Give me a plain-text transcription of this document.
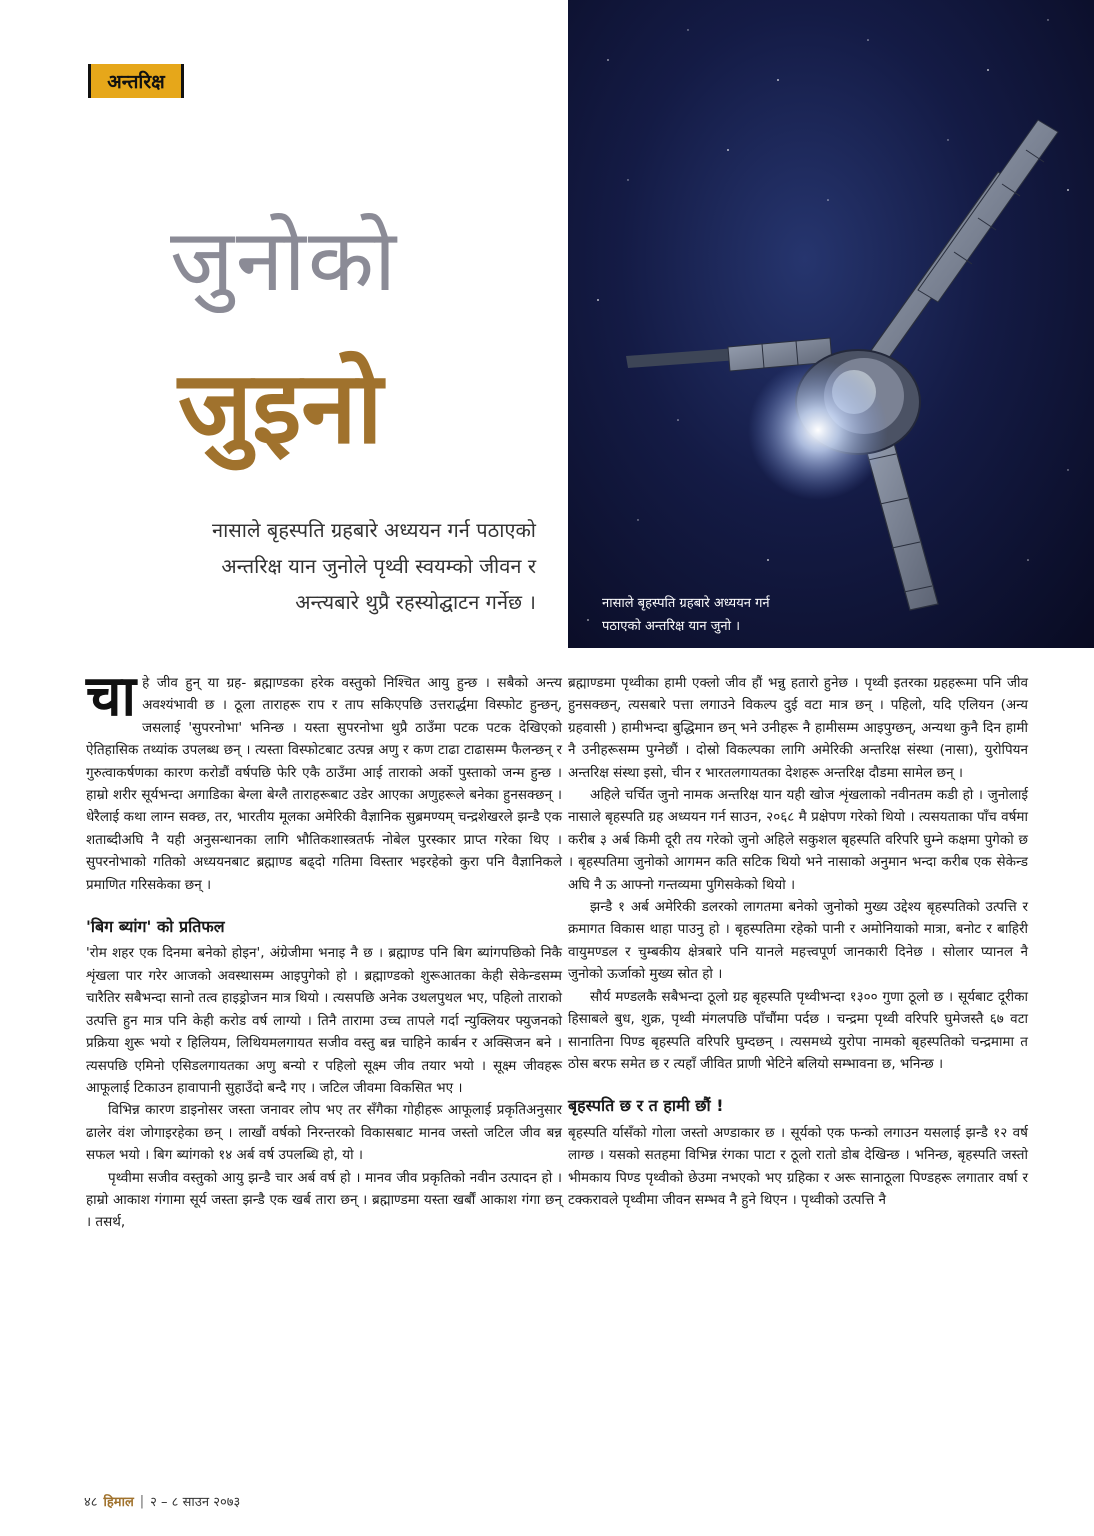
अन्तरिक्ष
जुनोको
जुइनो
नासाले बृहस्पति ग्रहबारे अध्ययन गर्न पठाएको
अन्तरिक्ष यान जुनोले पृथ्वी स्वयम्को जीवन र
अन्त्यबारे थुप्रै रहस्योद्घाटन गर्नेछ ।	नासाले बृहस्पति ग्रहबारे अध्ययन गर्न
पठाएको अन्तरिक्ष यान जुनो ।

चाहे जीव हुन् या ग्रह- ब्रह्माण्डका हरेक वस्तुको निश्चित आयु हुन्छ । सबैको अन्त्य अवश्यंभावी छ । ठूला ताराहरू राप र ताप सकिएपछि उत्तरार्द्धमा विस्फोट हुन्छन्, जसलाई 'सुपरनोभा' भनिन्छ । यस्ता सुपरनोभा थुप्रै ठाउँमा पटक पटक देखिएको ऐतिहासिक तथ्यांक उपलब्ध छन् । त्यस्ता विस्फोटबाट उत्पन्न अणु र कण टाढा टाढासम्म फैलन्छन् र गुरुत्वाकर्षणका कारण करोडौं वर्षपछि फेरि एकै ठाउँमा आई ताराको अर्को पुस्ताको जन्म हुन्छ । हाम्रो शरीर सूर्यभन्दा अगाडिका बेग्ला बेग्लै ताराहरूबाट उडेर आएका अणुहरूले बनेका हुनसक्छन् । धेरैलाई कथा लाग्न सक्छ, तर, भारतीय मूलका अमेरिकी वैज्ञानिक सुब्रमण्यम् चन्द्रशेखरले झन्डै एक शताब्दीअघि नै यही अनुसन्धानका लागि भौतिकशास्त्रतर्फ नोबेल पुरस्कार प्राप्त गरेका थिए । सुपरनोभाको गतिको अध्ययनबाट ब्रह्माण्ड बढ्दो गतिमा विस्तार भइरहेको कुरा पनि वैज्ञानिकले प्रमाणित गरिसकेका छन् ।

'बिग ब्यांग' को प्रतिफल

'रोम शहर एक दिनमा बनेको होइन', अंग्रेजीमा भनाइ नै छ । ब्रह्माण्ड पनि बिग ब्यांगपछिको निकै शृंखला पार गरेर आजको अवस्थासम्म आइपुगेको हो । ब्रह्माण्डको शुरूआतका केही सेकेन्डसम्म चारैतिर सबैभन्दा सानो तत्व हाइड्रोजन मात्र थियो । त्यसपछि अनेक उथलपुथल भए, पहिलो ताराको उत्पत्ति हुन मात्र पनि केही करोड वर्ष लाग्यो । तिनै तारामा उच्च तापले गर्दा न्युक्लियर फ्युजनको प्रक्रिया शुरू भयो र हिलियम, लिथियमलगायत सजीव वस्तु बन्न चाहिने कार्बन र अक्सिजन बने । त्यसपछि एमिनो एसिडलगायतका अणु बन्यो र पहिलो सूक्ष्म जीव तयार भयो । सूक्ष्म जीवहरू आफूलाई टिकाउन हावापानी सुहाउँदो बन्दै गए । जटिल जीवमा विकसित भए ।

विभिन्न कारण डाइनोसर जस्ता जनावर लोप भए तर सँगैका गोहीहरू आफूलाई प्रकृतिअनुसार ढालेर वंश जोगाइरहेका छन् । लाखौं वर्षको निरन्तरको विकासबाट मानव जस्तो जटिल जीव बन्न सफल भयो । बिग ब्यांगको १४ अर्ब वर्ष उपलब्धि हो, यो ।

पृथ्वीमा सजीव वस्तुको आयु झन्डै चार अर्ब वर्ष हो । मानव जीव प्रकृतिको नवीन उत्पादन हो । हाम्रो आकाश गंगामा सूर्य जस्ता झन्डै एक खर्ब तारा छन् । ब्रह्माण्डमा यस्ता खर्बौं आकाश गंगा छन् । तसर्थ,

ब्रह्माण्डमा पृथ्वीका हामी एक्लो जीव हौं भन्नु हतारो हुनेछ । पृथ्वी इतरका ग्रहहरूमा पनि जीव हुनसक्छन्, त्यसबारे पत्ता लगाउने विकल्प दुई वटा मात्र छन् । पहिलो, यदि एलियन (अन्य ग्रहवासी ) हामीभन्दा बुद्धिमान छन् भने उनीहरू नै हामीसम्म आइपुग्छन्, अन्यथा कुनै दिन हामी नै उनीहरूसम्म पुग्नेछौं । दोस्रो विकल्पका लागि अमेरिकी अन्तरिक्ष संस्था (नासा), युरोपियन अन्तरिक्ष संस्था इसो, चीन र भारतलगायतका देशहरू अन्तरिक्ष दौडमा सामेल छन् ।

अहिले चर्चित जुनो नामक अन्तरिक्ष यान यही खोज शृंखलाको नवीनतम कडी हो । जुनोलाई नासाले बृहस्पति ग्रह अध्ययन गर्न साउन, २०६८ मै प्रक्षेपण गरेको थियो । त्यसयताका पाँच वर्षमा करीब ३ अर्ब किमी दूरी तय गरेको जुनो अहिले सकुशल बृहस्पति वरिपरि घुम्ने कक्षमा पुगेको छ । बृहस्पतिमा जुनोको आगमन कति सटिक थियो भने नासाको अनुमान भन्दा करीब एक सेकेन्ड अघि नै ऊ आफ्नो गन्तव्यमा पुगिसकेको थियो ।

झन्डै १ अर्ब अमेरिकी डलरको लागतमा बनेको जुनोको मुख्य उद्देश्य बृहस्पतिको उत्पत्ति र क्रमागत विकास थाहा पाउनु हो । बृहस्पतिमा रहेको पानी र अमोनियाको मात्रा, बनोट र बाहिरी वायुमण्डल र चुम्बकीय क्षेत्रबारे पनि यानले महत्त्वपूर्ण जानकारी दिनेछ । सोलार प्यानल नै जुनोको ऊर्जाको मुख्य स्रोत हो ।

सौर्य मण्डलकै सबैभन्दा ठूलो ग्रह बृहस्पति पृथ्वीभन्दा १३०० गुणा ठूलो छ । सूर्यबाट दूरीका हिसाबले बुध, शुक्र, पृथ्वी मंगलपछि पाँचौंमा पर्दछ । चन्द्रमा पृथ्वी वरिपरि घुमेजस्तै ६७ वटा सानातिना पिण्ड बृहस्पति वरिपरि घुम्दछन् । त्यसमध्ये युरोपा नामको बृहस्पतिको चन्द्रमामा त ठोस बरफ समेत छ र त्यहाँ जीवित प्राणी भेटिने बलियो सम्भावना छ, भनिन्छ ।

बृहस्पति छ र त हामी छौं !

बृहस्पति र्यासँको गोला जस्तो अण्डाकार छ । सूर्यको एक फन्को लगाउन यसलाई झन्डै १२ वर्ष लाग्छ । यसको सतहमा विभिन्न रंगका पाटा र ठूलो रातो डोब देखिन्छ । भनिन्छ, बृहस्पति जस्तो भीमकाय पिण्ड पृथ्वीको छेउमा नभएको भए ग्रहिका र अरू सानाठूला पिण्डहरू लगातार वर्षा र टक्करावले पृथ्वीमा जीवन सम्भव नै हुने थिएन । पृथ्वीको उत्पत्ति नै

४८ हिमाल | २ – ८ साउन २०७३
